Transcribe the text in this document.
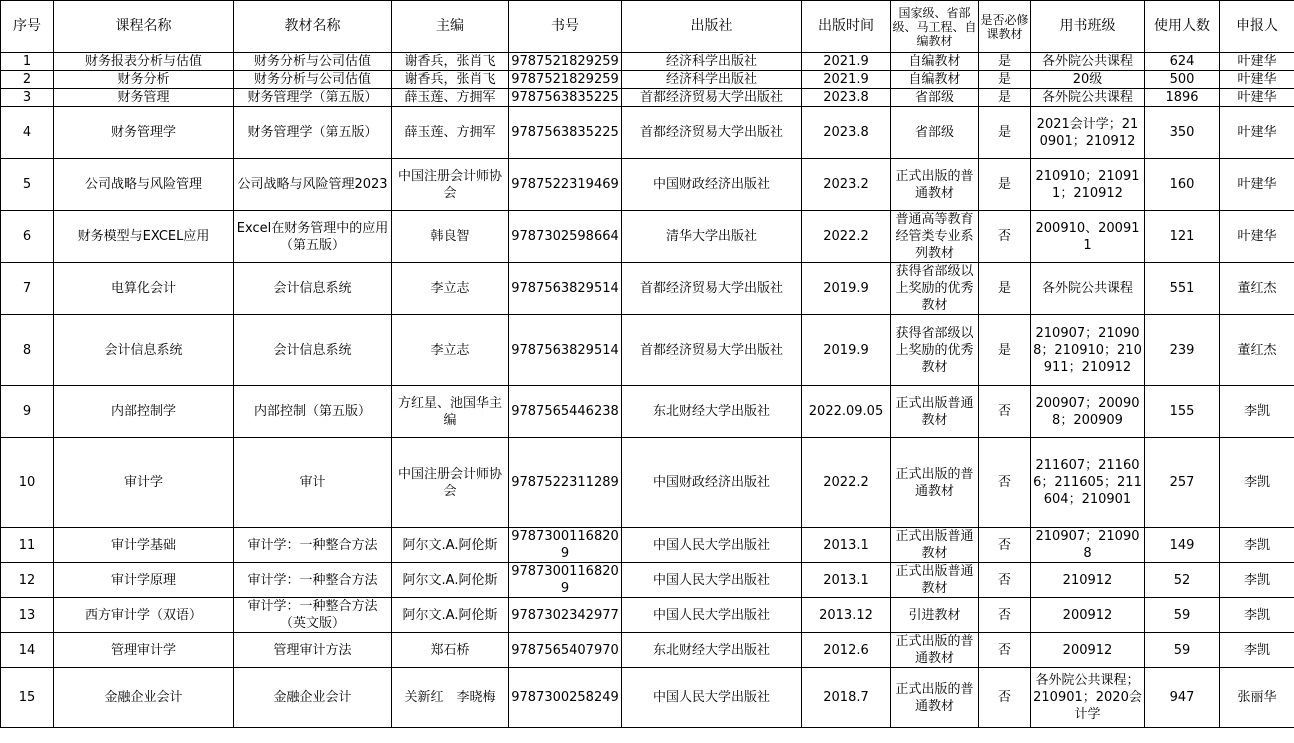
序号	课程名称	教材名称	主编	书号	出版社	出版时间	国家级、省部级、马工程、自编教材	是否必修课教材	用书班级	使用人数	申报人
1	财务报表分析与估值	财务分析与公司估值	谢香兵，张肖飞	9787521829259	经济科学出版社	2021.9	自编教材	是	各外院公共课程	624	叶建华
2	财务分析	财务分析与公司估值	谢香兵，张肖飞	9787521829259	经济科学出版社	2021.9	自编教材	是	20级	500	叶建华
3	财务管理	财务管理学（第五版）	薛玉莲、方拥军	9787563835225	首都经济贸易大学出版社	2023.8	省部级	是	各外院公共课程	1896	叶建华
4	财务管理学	财务管理学（第五版）	薛玉莲、方拥军	9787563835225	首都经济贸易大学出版社	2023.8	省部级	是	2021会计学；210901；210912	350	叶建华
5	公司战略与风险管理	公司战略与风险管理2023	中国注册会计师协会	9787522319469	中国财政经济出版社	2023.2	正式出版的普通教材	是	210910；210911；210912	160	叶建华
6	财务模型与EXCEL应用	Excel在财务管理中的应用（第五版）	韩良智	9787302598664	清华大学出版社	2022.2	普通高等教育经管类专业系列教材	否	200910、200911	121	叶建华
7	电算化会计	会计信息系统	李立志	9787563829514	首都经济贸易大学出版社	2019.9	获得省部级以上奖励的优秀教材	是	各外院公共课程	551	董红杰
8	会计信息系统	会计信息系统	李立志	9787563829514	首都经济贸易大学出版社	2019.9	获得省部级以上奖励的优秀教材	是	210907；210908；210910；210911；210912	239	董红杰
9	内部控制学	内部控制（第五版）	方红星、池国华主编	9787565446238	东北财经大学出版社	2022.09.05	正式出版普通教材	否	200907；200908；200909	155	李凯
10	审计学	审计	中国注册会计师协会	9787522311289	中国财政经济出版社	2022.2	正式出版的普通教材	否	211607；211606；211605；211604；210901	257	李凯
11	审计学基础	审计学：一种整合方法	阿尔文.A.阿伦斯	9787300116820 9	中国人民大学出版社	2013.1	正式出版普通教材	否	210907；210908	149	李凯
12	审计学原理	审计学：一种整合方法	阿尔文.A.阿伦斯	9787300116820 9	中国人民大学出版社	2013.1	正式出版普通教材	否	210912	52	李凯
13	西方审计学（双语）	审计学：一种整合方法（英文版）	阿尔文.A.阿伦斯	9787302342977	中国人民大学出版社	2013.12	引进教材	否	200912	59	李凯
14	管理审计学	管理审计方法	郑石桥	9787565407970	东北财经大学出版社	2012.6	正式出版的普通教材	否	200912	59	李凯
15	金融企业会计	金融企业会计	关新红　李晓梅	9787300258249	中国人民大学出版社	2018.7	正式出版的普通教材	否	各外院公共课程；210901；2020会计学	947	张丽华
